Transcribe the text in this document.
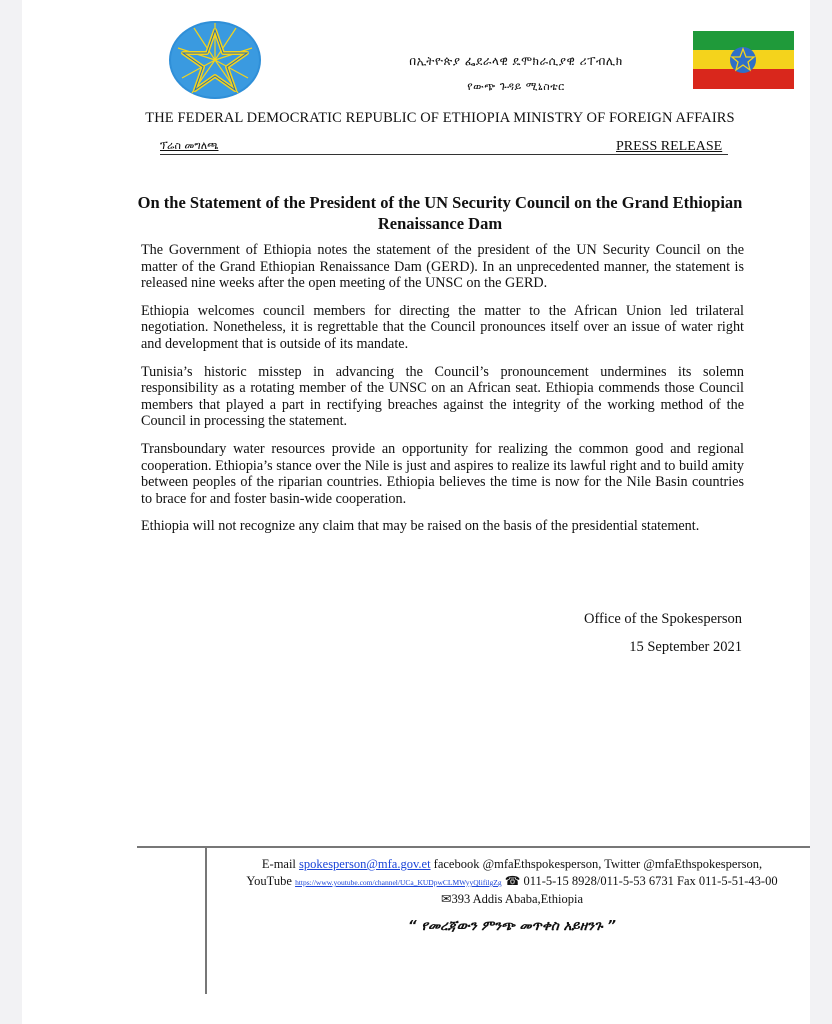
በኢትዮጵያ ፌደራላዊ ዴሞክራሲያዊ ሪፐብሊክ
የውጭ ጉዳይ ሚኒስቴር
THE FEDERAL DEMOCRATIC REPUBLIC OF ETHIOPIA MINISTRY OF FOREIGN AFFAIRS
ፕሬስ መግለጫ	PRESS RELEASE
On the Statement of the President of the UN Security Council on the Grand Ethiopian Renaissance Dam

The Government of Ethiopia notes the statement of the president of the UN Security Council on the matter of the Grand Ethiopian Renaissance Dam (GERD). In an unprecedented manner, the statement is released nine weeks after the open meeting of the UNSC on the GERD.

Ethiopia welcomes council members for directing the matter to the African Union led trilateral negotiation. Nonetheless, it is regrettable that the Council pronounces itself over an issue of water right and development that is outside of its mandate.

Tunisia’s historic misstep in advancing the Council’s pronouncement undermines its solemn responsibility as a rotating member of the UNSC on an African seat. Ethiopia commends those Council members that played a part in rectifying breaches against the integrity of the working method of the Council in processing the statement.

Transboundary water resources provide an opportunity for realizing the common good and regional cooperation. Ethiopia’s stance over the Nile is just and aspires to realize its lawful right and to build amity between peoples of the riparian countries. Ethiopia believes the time is now for the Nile Basin countries to brace for and foster basin-wide cooperation.

Ethiopia will not recognize any claim that may be raised on the basis of the presidential statement.

Office of the Spokesperson
15 September 2021
E-mail spokesperson@mfa.gov.et facebook @mfaEthspokesperson, Twitter @mfaEthspokesperson,
YouTube https://www.youtube.com/channel/UCa_KUDpwCLMWyyQlifilgZg ☎ 011-5-15 8928/011-5-53 6731 Fax 011-5-51-43-00
✉393 Addis Ababa,Ethiopia
“ የመረጃውን ምንጭ መጥቀስ አይዘንጉ ”
